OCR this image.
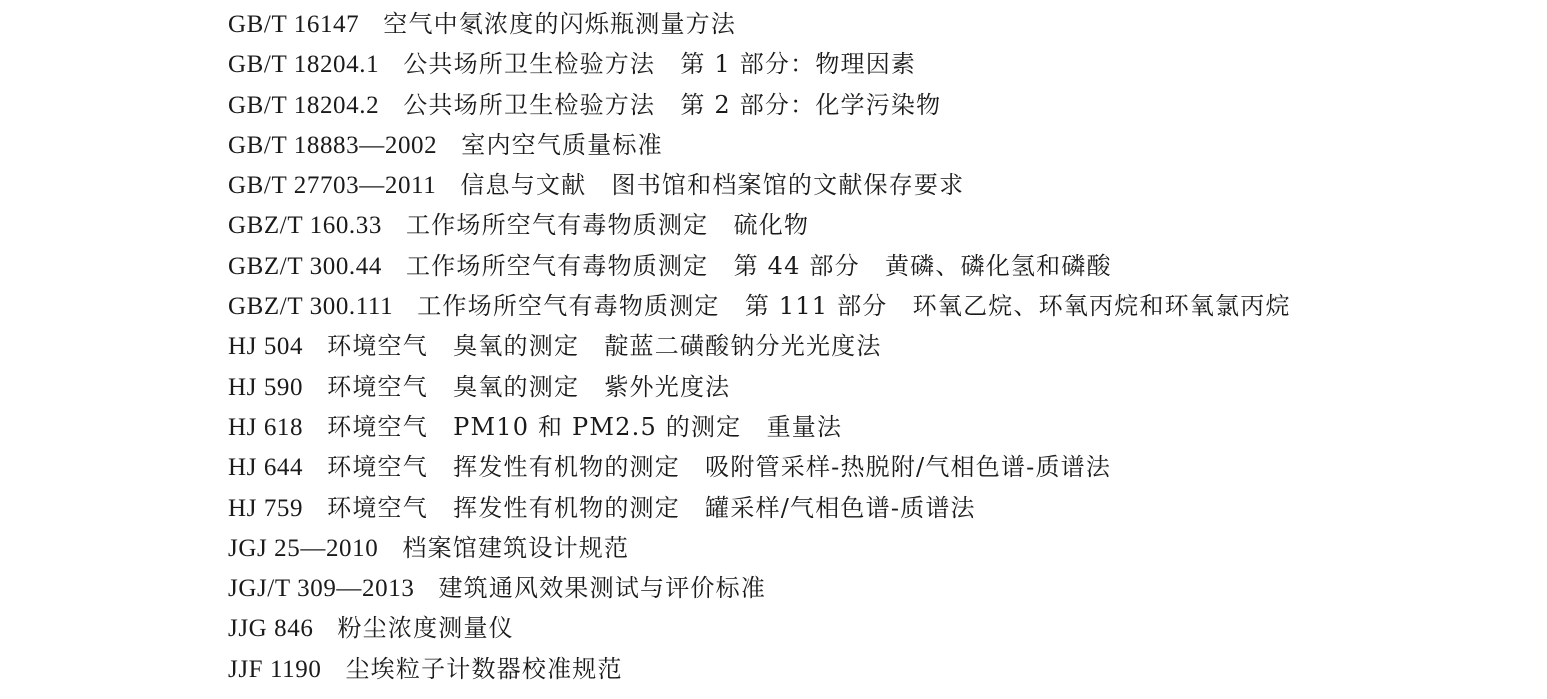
GB/T 16147　 空气中氡浓度的闪烁瓶测量方法
GB/T 18204.1　 公共场所卫生检验方法　第 1 部分：物理因素
GB/T 18204.2　 公共场所卫生检验方法　第 2 部分：化学污染物
GB/T 18883—2002　 室内空气质量标准
GB/T 27703—2011　 信息与文献　图书馆和档案馆的文献保存要求
GBZ/T 160.33　 工作场所空气有毒物质测定　硫化物
GBZ/T 300.44　 工作场所空气有毒物质测定　第 44 部分　黄磷、磷化氢和磷酸
GBZ/T 300.111　 工作场所空气有毒物质测定　第 111 部分　环氧乙烷、环氧丙烷和环氧氯丙烷
HJ 504　 环境空气　臭氧的测定　靛蓝二磺酸钠分光光度法
HJ 590　 环境空气　臭氧的测定　紫外光度法
HJ 618　 环境空气　PM10 和 PM2.5 的测定　重量法
HJ 644　 环境空气　挥发性有机物的测定　吸附管采样-热脱附/气相色谱-质谱法
HJ 759　 环境空气　挥发性有机物的测定　罐采样/气相色谱-质谱法
JGJ 25—2010　 档案馆建筑设计规范
JGJ/T 309—2013　 建筑通风效果测试与评价标准
JJG 846　 粉尘浓度测量仪
JJF 1190　 尘埃粒子计数器校准规范
